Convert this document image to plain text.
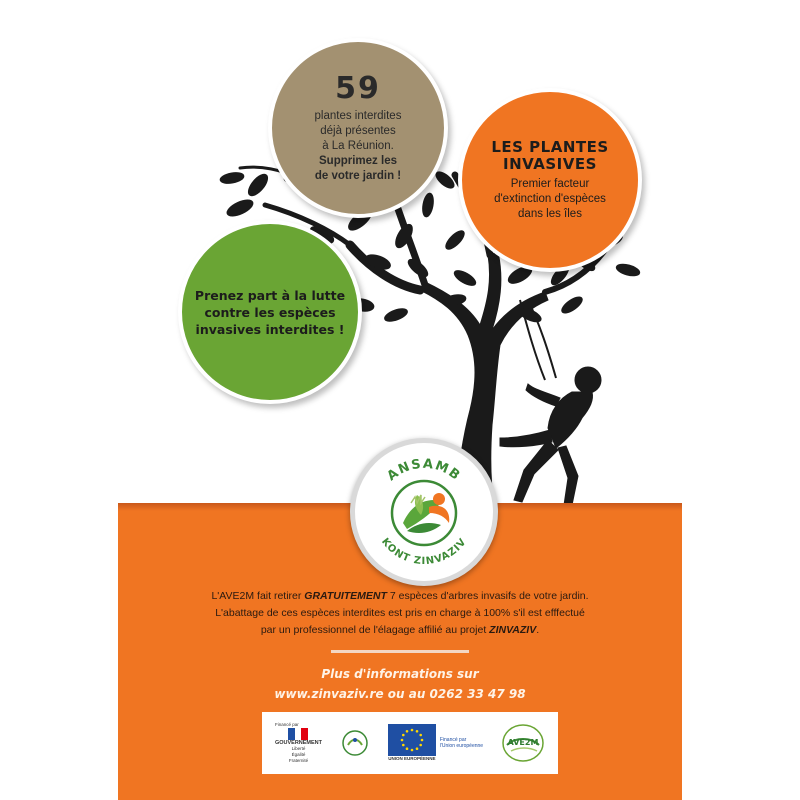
59
plantes interdites
déjà présentes
à La Réunion.
Supprimez les
de votre jardin !
LES PLANTES
INVASIVES
Premier facteur
d'extinction d'espèces
dans les îles
Prenez part à la lutte
contre les espèces
invasives interdites !
ANSAMB
KONT ZINVAZIV
L'AVE2M fait retirer GRATUITEMENT 7 espèces d'arbres invasifs de votre jardin.
L'abattage de ces espèces interdites est pris en charge à 100% s'il est efffectué
par un professionnel de l'élagage affilié au projet ZINVAZIV.
Plus d'informations sur
www.zinvaziv.re ou au 0262 33 47 98
Financé par
GOUVERNEMENT
Liberté
Égalité
Fraternité	UNION EUROPÉENNE
Financé par
l'Union européenne	AVE2M
